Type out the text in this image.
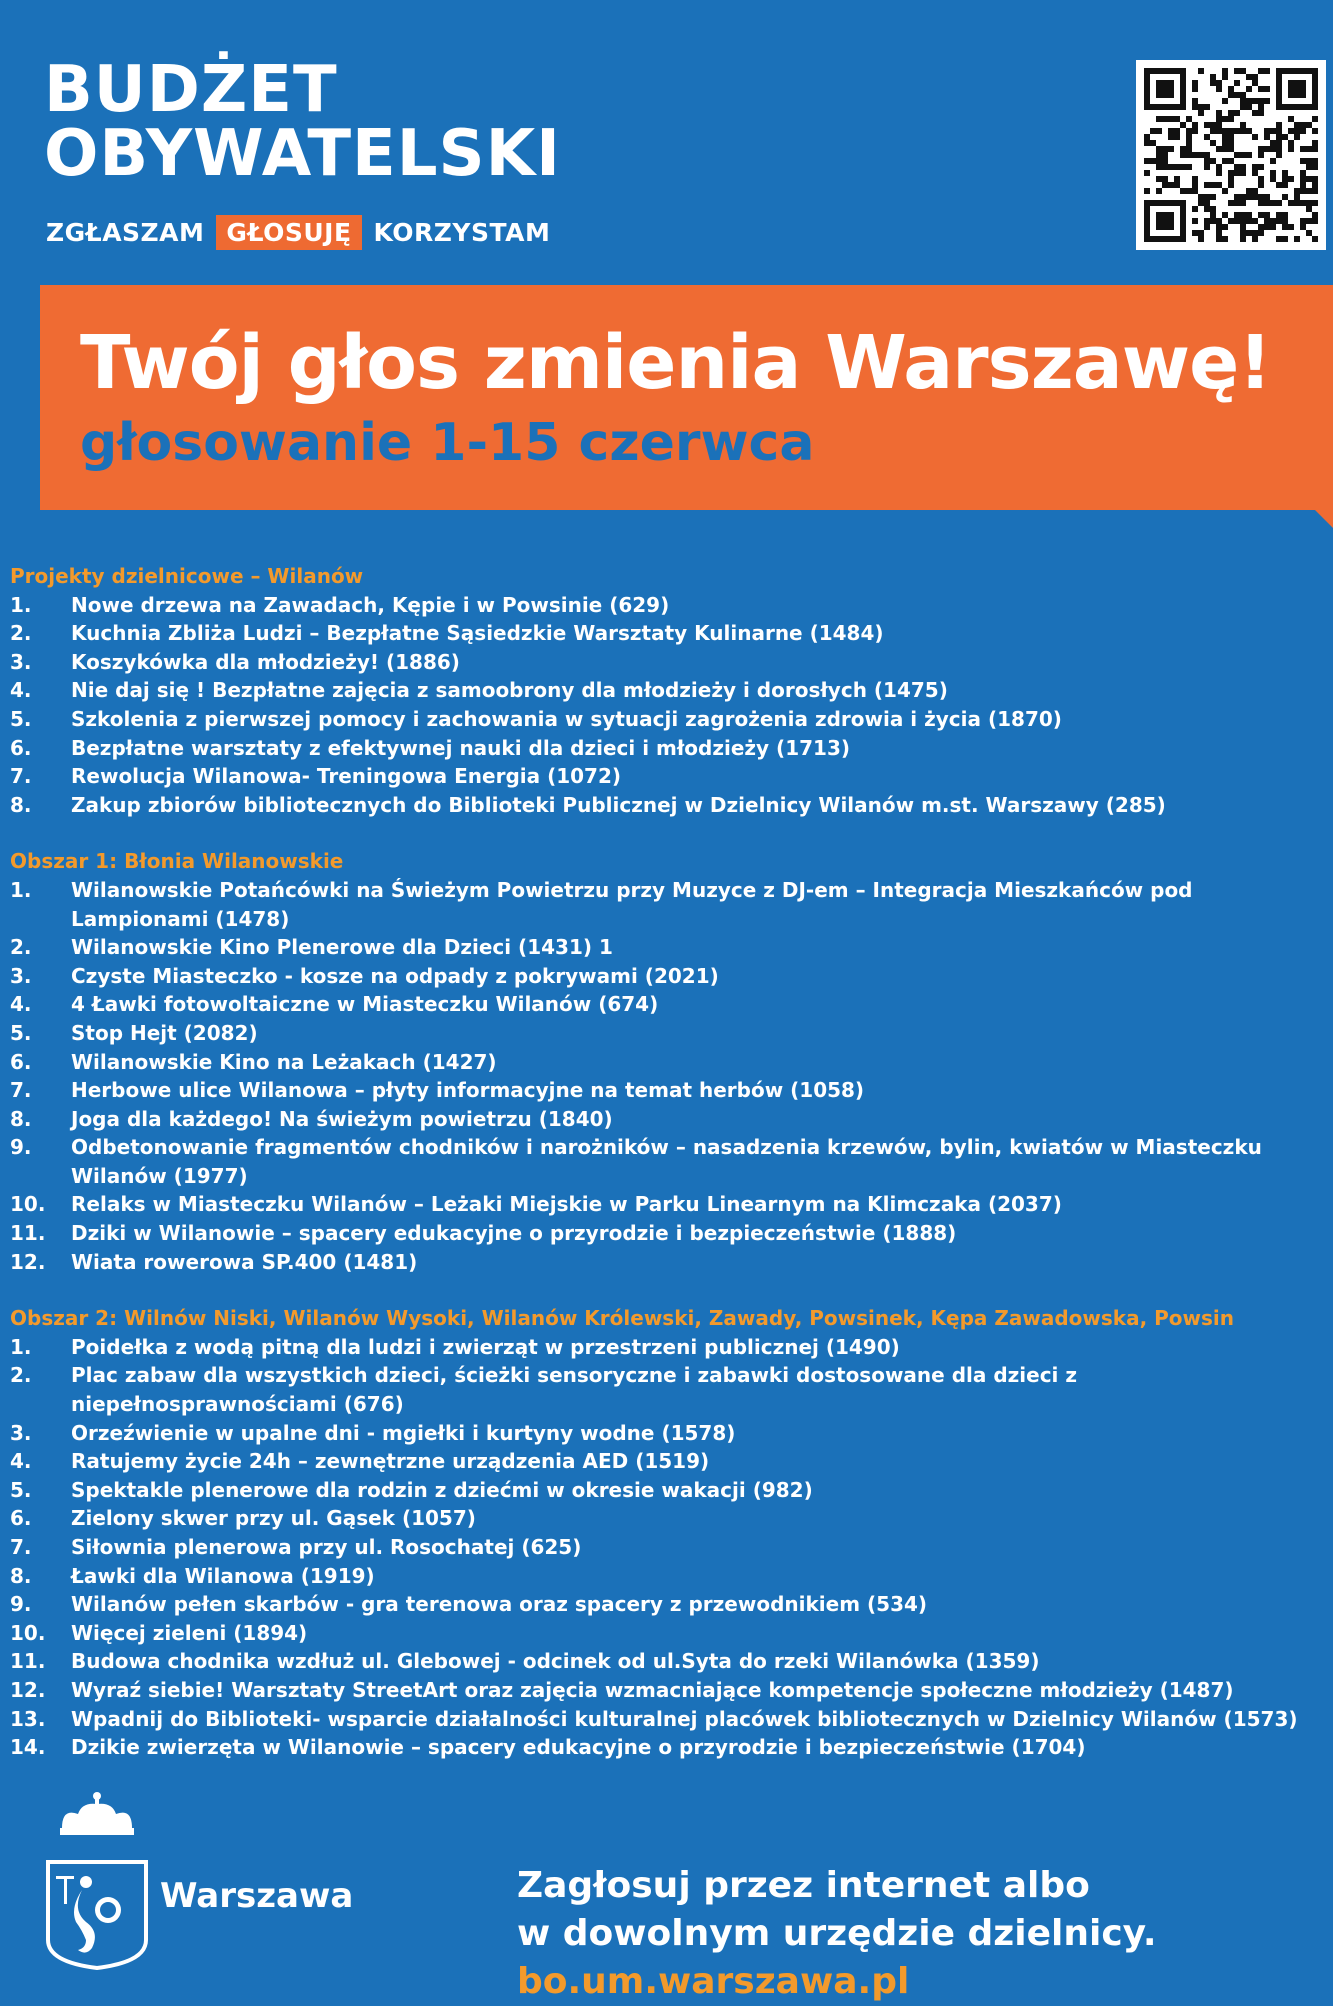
BUDŻET
OBYWATELSKI
ZGŁASZAM GŁOSUJĘ KORZYSTAM
Twój głos zmienia Warszawę!

głosowanie 1-15 czerwca

Projekty dzielnicowe – Wilanów

1.	Nowe drzewa na Zawadach, Kępie i w Powsinie (629)
2.	Kuchnia Zbliża Ludzi – Bezpłatne Sąsiedzkie Warsztaty Kulinarne (1484)
3.	Koszykówka dla młodzieży! (1886)
4.	Nie daj się ! Bezpłatne zajęcia z samoobrony dla młodzieży i dorosłych (1475)
5.	Szkolenia z pierwszej pomocy i zachowania w sytuacji zagrożenia zdrowia i życia (1870)
6.	Bezpłatne warsztaty z efektywnej nauki dla dzieci i młodzieży (1713)
7.	Rewolucja Wilanowa- Treningowa Energia (1072)
8.	Zakup zbiorów bibliotecznych do Biblioteki Publicznej w Dzielnicy Wilanów m.st. Warszawy (285)

Obszar 1: Błonia Wilanowskie

1.	Wilanowskie Potańcówki na Świeżym Powietrzu przy Muzyce z DJ-em – Integracja Mieszkańców pod Lampionami (1478)
2.	Wilanowskie Kino Plenerowe dla Dzieci (1431) 1
3.	Czyste Miasteczko - kosze na odpady z pokrywami (2021)
4.	4 Ławki fotowoltaiczne w Miasteczku Wilanów (674)
5.	Stop Hejt (2082)
6.	Wilanowskie Kino na Leżakach (1427)
7.	Herbowe ulice Wilanowa – płyty informacyjne na temat herbów (1058)
8.	Joga dla każdego! Na świeżym powietrzu (1840)
9.	Odbetonowanie fragmentów chodników i narożników – nasadzenia krzewów, bylin, kwiatów w Miasteczku Wilanów (1977)
10.	Relaks w Miasteczku Wilanów – Leżaki Miejskie w Parku Linearnym na Klimczaka (2037)
11.	Dziki w Wilanowie – spacery edukacyjne o przyrodzie i bezpieczeństwie (1888)
12.	Wiata rowerowa SP.400 (1481)

Obszar 2: Wilnów Niski, Wilanów Wysoki, Wilanów Królewski, Zawady, Powsinek, Kępa Zawadowska, Powsin

1.	Poidełka z wodą pitną dla ludzi i zwierząt w przestrzeni publicznej (1490)
2.	Plac zabaw dla wszystkich dzieci, ścieżki sensoryczne i zabawki dostosowane dla dzieci z niepełnosprawnościami (676)
3.	Orzeźwienie w upalne dni - mgiełki i kurtyny wodne (1578)
4.	Ratujemy życie 24h – zewnętrzne urządzenia AED (1519)
5.	Spektakle plenerowe dla rodzin z dziećmi w okresie wakacji (982)
6.	Zielony skwer przy ul. Gąsek (1057)
7.	Siłownia plenerowa przy ul. Rosochatej (625)
8.	Ławki dla Wilanowa (1919)
9.	Wilanów pełen skarbów - gra terenowa oraz spacery z przewodnikiem (534)
10.	Więcej zieleni (1894)
11.	Budowa chodnika wzdłuż ul. Glebowej - odcinek od ul.Syta do rzeki Wilanówka (1359)
12.	Wyraź siebie! Warsztaty StreetArt oraz zajęcia wzmacniające kompetencje społeczne młodzieży (1487)
13.	Wpadnij do Biblioteki- wsparcie działalności kulturalnej placówek bibliotecznych w Dzielnicy Wilanów (1573)
14.	Dzikie zwierzęta w Wilanowie – spacery edukacyjne o przyrodzie i bezpieczeństwie (1704)

Warszawa	Zagłosuj przez internet albo
w dowolnym urzędzie dzielnicy.
bo.um.warszawa.pl
